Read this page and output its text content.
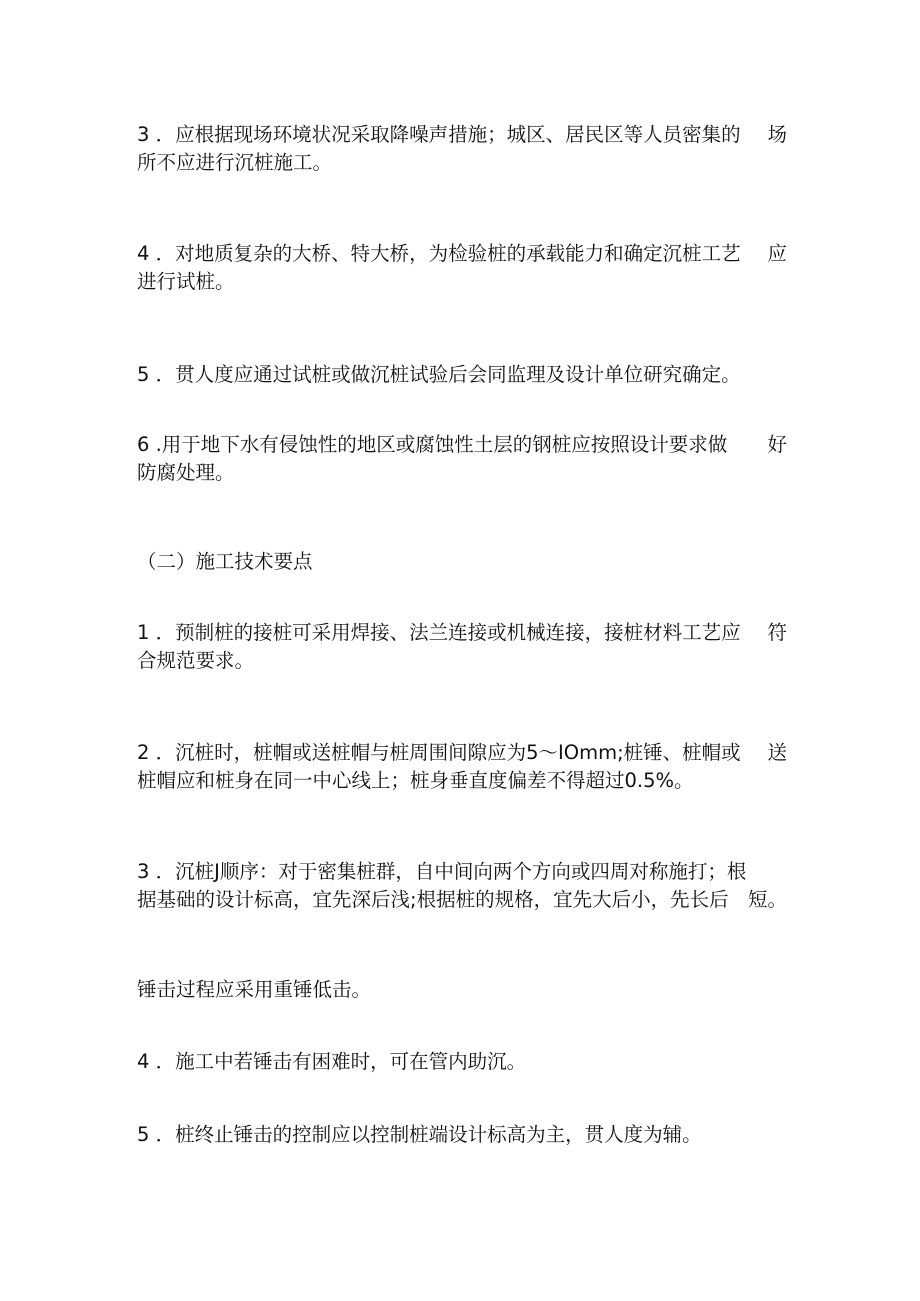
3 ．应根据现场环境状况采取降噪声措施；城区、居民区等人员密集的 场
所不应进行沉桩施工。
4 ．对地质复杂的大桥、特大桥，为检验桩的承载能力和确定沉桩工艺 应
进行试桩。
5 ．贯人度应通过试桩或做沉桩试验后会同监理及设计单位研究确定。
6 .用于地下水有侵蚀性的地区或腐蚀性土层的钢桩应按照设计要求做 好
防腐处理。
（二）施工技术要点
1 ．预制桩的接桩可采用焊接、法兰连接或机械连接，接桩材料工艺应 符
合规范要求。
2 ．沉桩时，桩帽或送桩帽与桩周围间隙应为5～IOmm;桩锤、桩帽或 送
桩帽应和桩身在同一中心线上；桩身垂直度偏差不得超过0.5%。
3 ．沉桩J顺序：对于密集桩群，自中间向两个方向或四周对称施打；根
据基础的设计标高，宜先深后浅;根据桩的规格，宜先大后小，先长后 短。
锤击过程应采用重锤低击。
4 ．施工中若锤击有困难时，可在管内助沉。
5 ．桩终止锤击的控制应以控制桩端设计标高为主，贯人度为辅。
